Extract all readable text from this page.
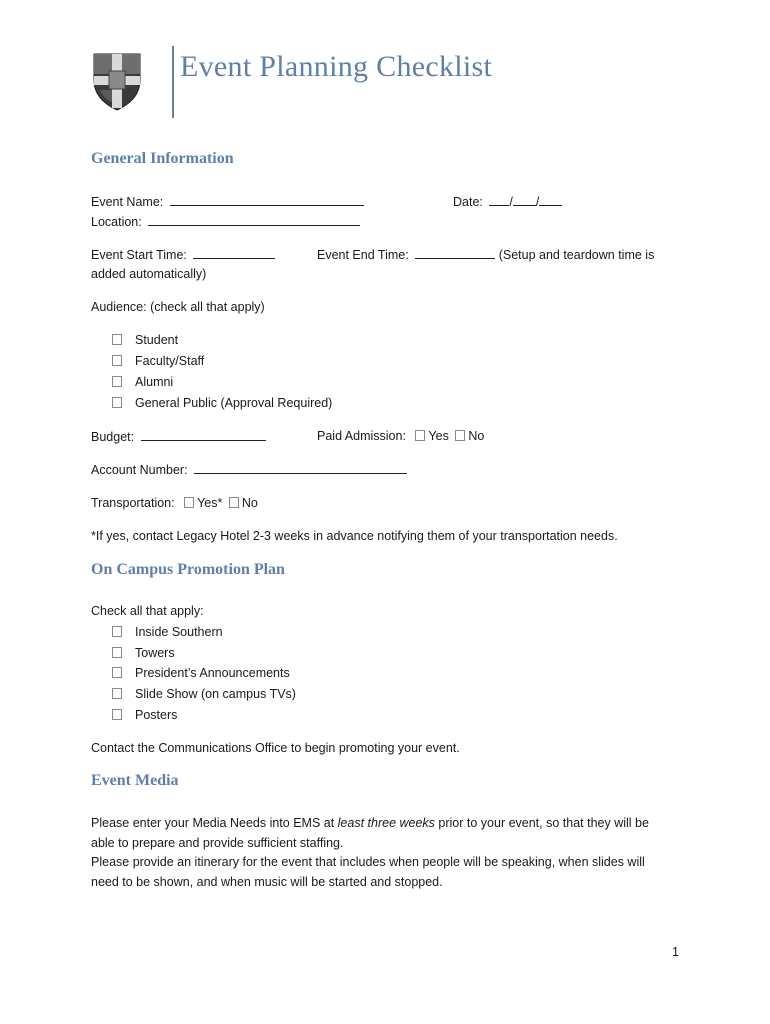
Event Planning Checklist
General Information
Event Name:	Date: / /
Location:
Event Start Time:	Event End Time:	(Setup and teardown time is
added automatically)
Audience: (check all that apply)
Student
Faculty/Staff
Alumni
General Public (Approval Required)
Budget:	Paid Admission: Yes No
Account Number:
Transportation: Yes* No
*If yes, contact Legacy Hotel 2-3 weeks in advance notifying them of your transportation needs.
On Campus Promotion Plan
Check all that apply:
Inside Southern
Towers
President’s Announcements
Slide Show (on campus TVs)
Posters
Contact the Communications Office to begin promoting your event.
Event Media
Please enter your Media Needs into EMS at least three weeks prior to your event, so that they will be able to prepare and provide sufficient staffing.
Please provide an itinerary for the event that includes when people will be speaking, when slides will need to be shown, and when music will be started and stopped.
1
